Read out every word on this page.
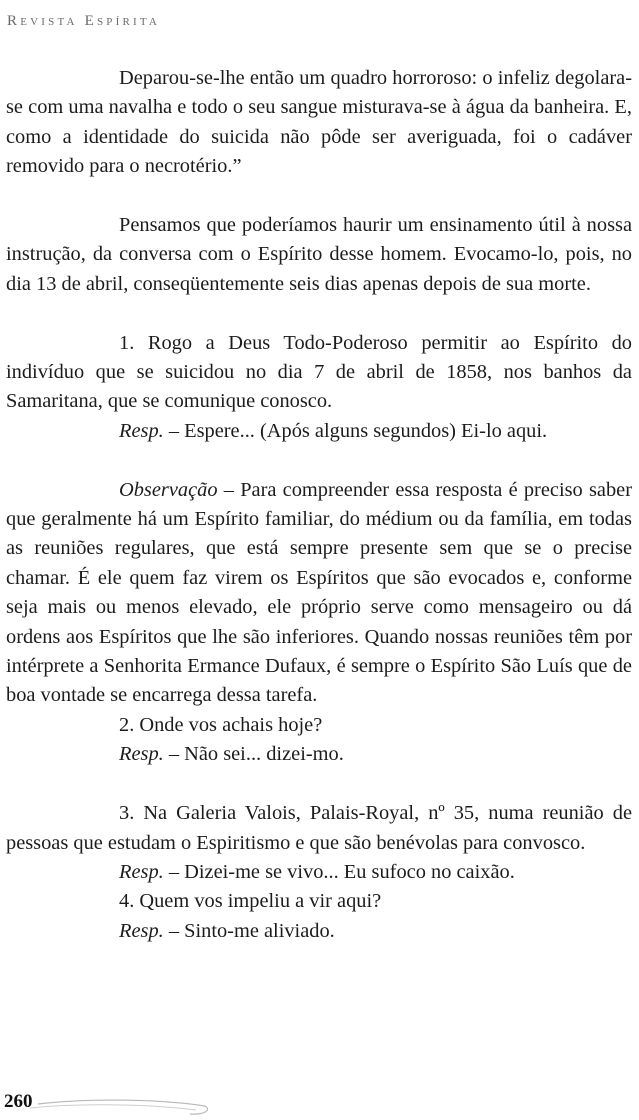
Revista Espírita

Deparou-se-lhe então um quadro horroroso: o infeliz degolara-se com uma navalha e todo o seu sangue misturava-se à água da banheira. E, como a identidade do suicida não pôde ser averiguada, foi o cadáver removido para o necrotério.”

Pensamos que poderíamos haurir um ensinamento útil à nossa instrução, da conversa com o Espírito desse homem. Evocamo-lo, pois, no dia 13 de abril, conseqüentemente seis dias apenas depois de sua morte.

1. Rogo a Deus Todo-Poderoso permitir ao Espírito do indivíduo que se suicidou no dia 7 de abril de 1858, nos banhos da Samaritana, que se comunique conosco.

Resp. – Espere... (Após alguns segundos) Ei-lo aqui.

Observação – Para compreender essa resposta é preciso saber que geralmente há um Espírito familiar, do médium ou da família, em todas as reuniões regulares, que está sempre presente sem que se o precise chamar. É ele quem faz virem os Espíritos que são evocados e, conforme seja mais ou menos elevado, ele próprio serve como mensageiro ou dá ordens aos Espíritos que lhe são inferiores. Quando nossas reuniões têm por intérprete a Senhorita Ermance Dufaux, é sempre o Espírito São Luís que de boa vontade se encarrega dessa tarefa.

2. Onde vos achais hoje?

Resp. – Não sei... dizei-mo.

3. Na Galeria Valois, Palais-Royal, nº 35, numa reunião de pessoas que estudam o Espiritismo e que são benévolas para convosco.

Resp. – Dizei-me se vivo... Eu sufoco no caixão.

4. Quem vos impeliu a vir aqui?

Resp. – Sinto-me aliviado.

260
